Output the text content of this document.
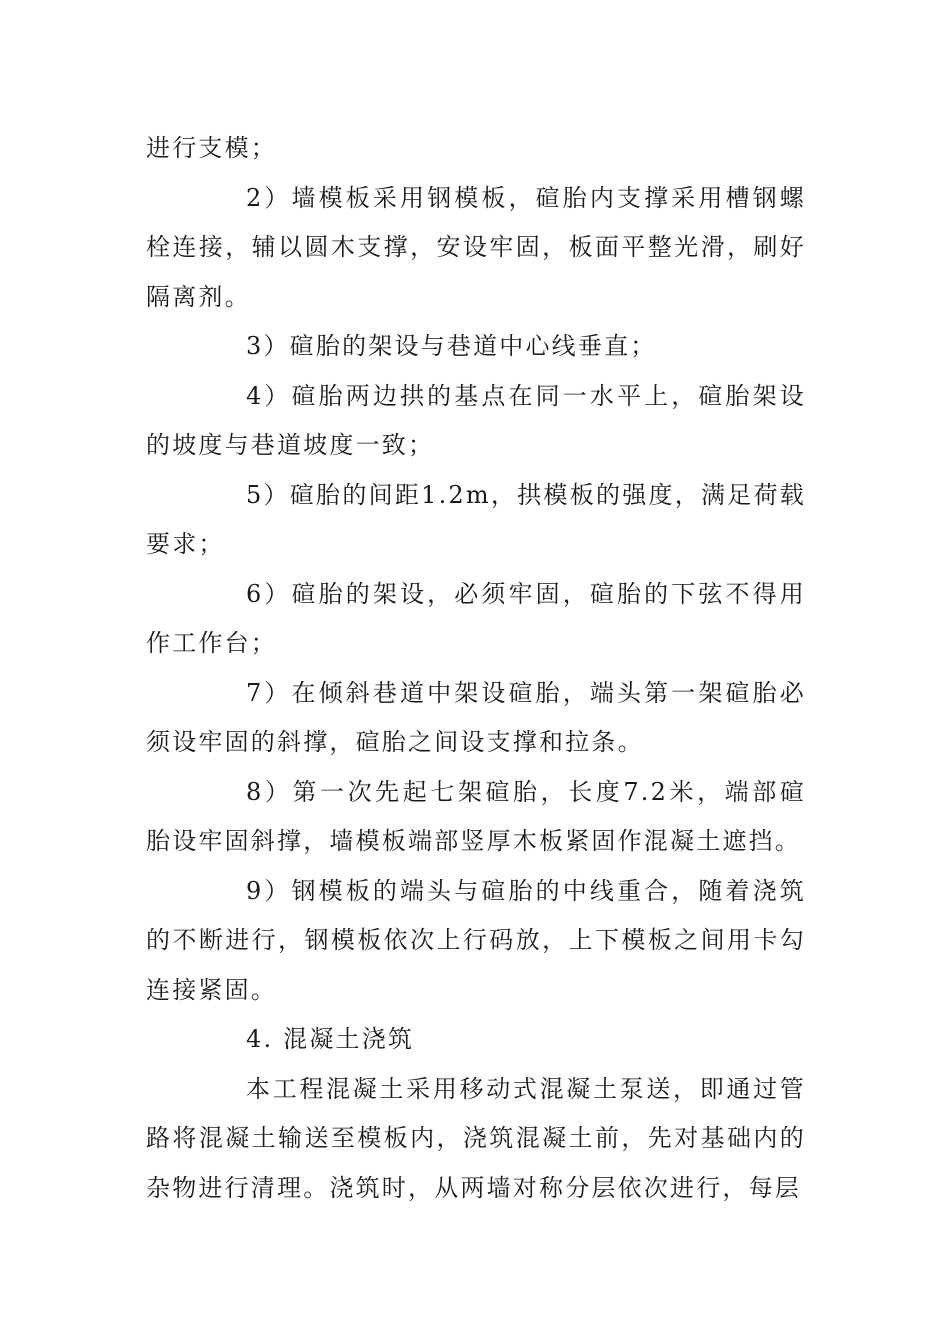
进行支模；

2）墙模板采用钢模板，碹胎内支撑采用槽钢螺栓连接，辅以圆木支撑，安设牢固，板面平整光滑，刷好隔离剂。

3）碹胎的架设与巷道中心线垂直；

4）碹胎两边拱的基点在同一水平上，碹胎架设的坡度与巷道坡度一致；

5）碹胎的间距1.2m，拱模板的强度，满足荷载要求；

6）碹胎的架设，必须牢固，碹胎的下弦不得用作工作台；

7）在倾斜巷道中架设碹胎，端头第一架碹胎必须设牢固的斜撑，碹胎之间设支撑和拉条。

8）第一次先起七架碹胎，长度7.2米，端部碹胎设牢固斜撑，墙模板端部竖厚木板紧固作混凝土遮挡。

9）钢模板的端头与碹胎的中线重合，随着浇筑的不断进行，钢模板依次上行码放，上下模板之间用卡勾连接紧固。

4. 混凝土浇筑

本工程混凝土采用移动式混凝土泵送，即通过管路将混凝土输送至模板内，浇筑混凝土前，先对基础内的杂物进行清理。浇筑时，从两墙对称分层依次进行，每层
